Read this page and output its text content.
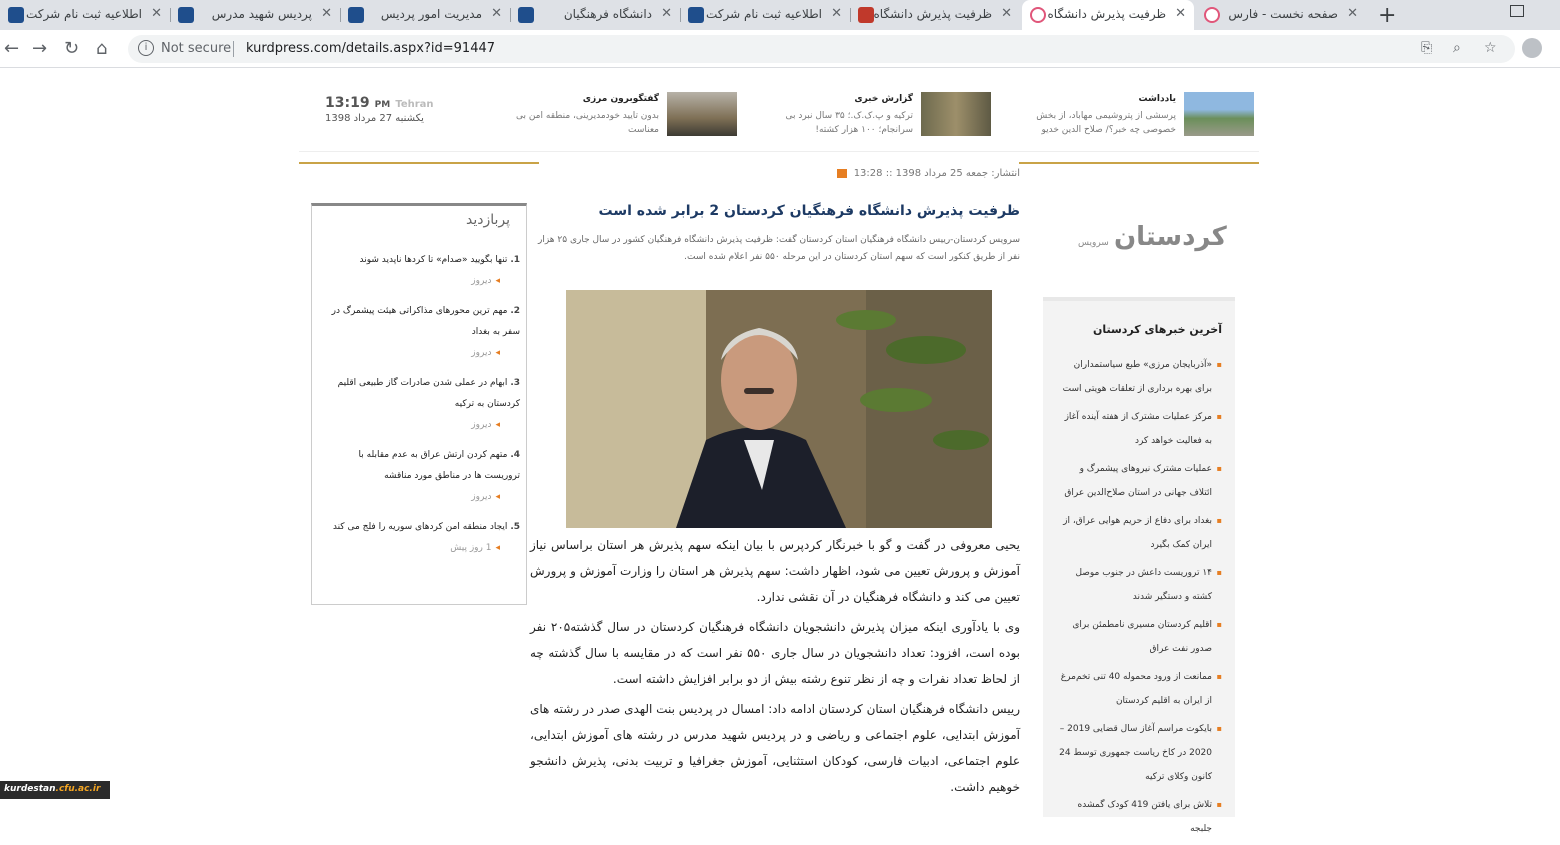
اطلاعیه ثبت نام شرکت ✕	پردیس شهید مدرس ✕	مدیریت امور پردیس ✕	دانشگاه فرهنگیان ✕	اطلاعیه ثبت نام شرکت ✕	ظرفیت پذیرش دانشگاه ✕	ظرفیت پذیرش دانشگاه ✕	صفحه نخست - فارس ✕ +
← → ↻ ⌂	i	Not secure kurdpress.com/details.aspx?id=91447	⎘ ⌕ ☆
13:19 PM Tehran
یکشنبه 27 مرداد 1398
یادداشت
پرسشی از پتروشیمی مهاباد، از بخش خصوصی چه خبر؟/ صلاح الدین خدیو
گزارش خبری
ترکیه و پ.ک.ک.؛ ۳۵ سال نبرد بی سرانجام؛ ۱۰۰ هزار کشته!
گفتگوبرون مرزی
بدون تایید خودمدیرینی، منطقه امن بی معناست
انتشار: جمعه 25 مرداد 1398 :: 13:28
ظرفیت پذیرش دانشگاه فرهنگیان کردستان 2 برابر شده است
سرویس کردستان-رییس دانشگاه فرهنگیان استان کردستان گفت: ظرفیت پذیرش دانشگاه فرهنگیان کشور در سال جاری ۲۵ هزار نفر از طریق کنکور است که سهم استان کردستان در این مرحله ۵۵۰ نفر اعلام شده است.

یحیی معروفی در گفت و گو با خبرنگار کردپرس با بیان اینکه سهم پذیرش هر استان براساس نیاز آموزش و پرورش تعیین می شود، اظهار داشت: سهم پذیرش هر استان را وزارت آموزش و پرورش تعیین می کند و دانشگاه فرهنگیان در آن نقشی ندارد.

وی با یادآوری اینکه میزان پذیرش دانشجویان دانشگاه فرهنگیان کردستان در سال گذشته۲۰۵ نفر بوده است، افزود: تعداد دانشجویان در سال جاری ۵۵۰ نفر است که در مقایسه با سال گذشته چه از لحاظ تعداد نفرات و چه از نظر تنوع رشته بیش از دو برابر افزایش داشته است.

رییس دانشگاه فرهنگیان استان کردستان ادامه داد: امسال در پردیس بنت الهدی صدر در رشته های آموزش ابتدایی، علوم اجتماعی و ریاضی و در پردیس شهید مدرس در رشته های آموزش ابتدایی، علوم اجتماعی، ادبیات فارسی، کودکان استثنایی، آموزش جغرافیا و تربیت بدنی، پذیرش دانشجو خوهیم داشت.

کردستان سرویس
آخرین خبرهای کردستان
▪ «آذربایجان مرزی» طبع سیاستمداران برای بهره برداری از تعلقات هویتی است
▪ مرکز عملیات مشترک از هفته آینده آغاز به فعالیت خواهد کرد
▪ عملیات مشترک نیروهای پیشمرگ و ائتلاف جهانی در استان صلاح‌الدین عراق
▪ بغداد برای دفاع از حریم هوایی عراق، از ایران کمک بگیرد
▪ ۱۴ تروریست داعش در جنوب موصل کشته و دستگیر شدند
▪ اقلیم کردستان مسیری نامطمئن برای صدور نفت عراق
▪ ممانعت از ورود محموله 40 تنی تخم‌مرغ از ایران به اقلیم کردستان
▪ بایکوت مراسم آغاز سال قضایی 2019 – 2020 در کاخ ریاست جمهوری توسط 24 کانون وکلای ترکیه
▪ تلاش برای یافتن 419 کودک گمشده جلبجه
پربازدید
1. تنها بگویید «صدام» تا کردها ناپدید شوند
◂دیروز
2. مهم ترین محورهای مذاکراتی هیئت پیشمرگ در سفر به بغداد
◂دیروز
3. ابهام در عملی شدن صادرات گاز طبیعی اقلیم کردستان به ترکیه
◂دیروز
4. متهم کردن ارتش عراق به عدم مقابله با تروریست ها در مناطق مورد مناقشه
◂دیروز
5. ایجاد منطقه امن کردهای سوریه را فلج می کند
◂1 روز پیش
kurdestan.cfu.ac.ir
